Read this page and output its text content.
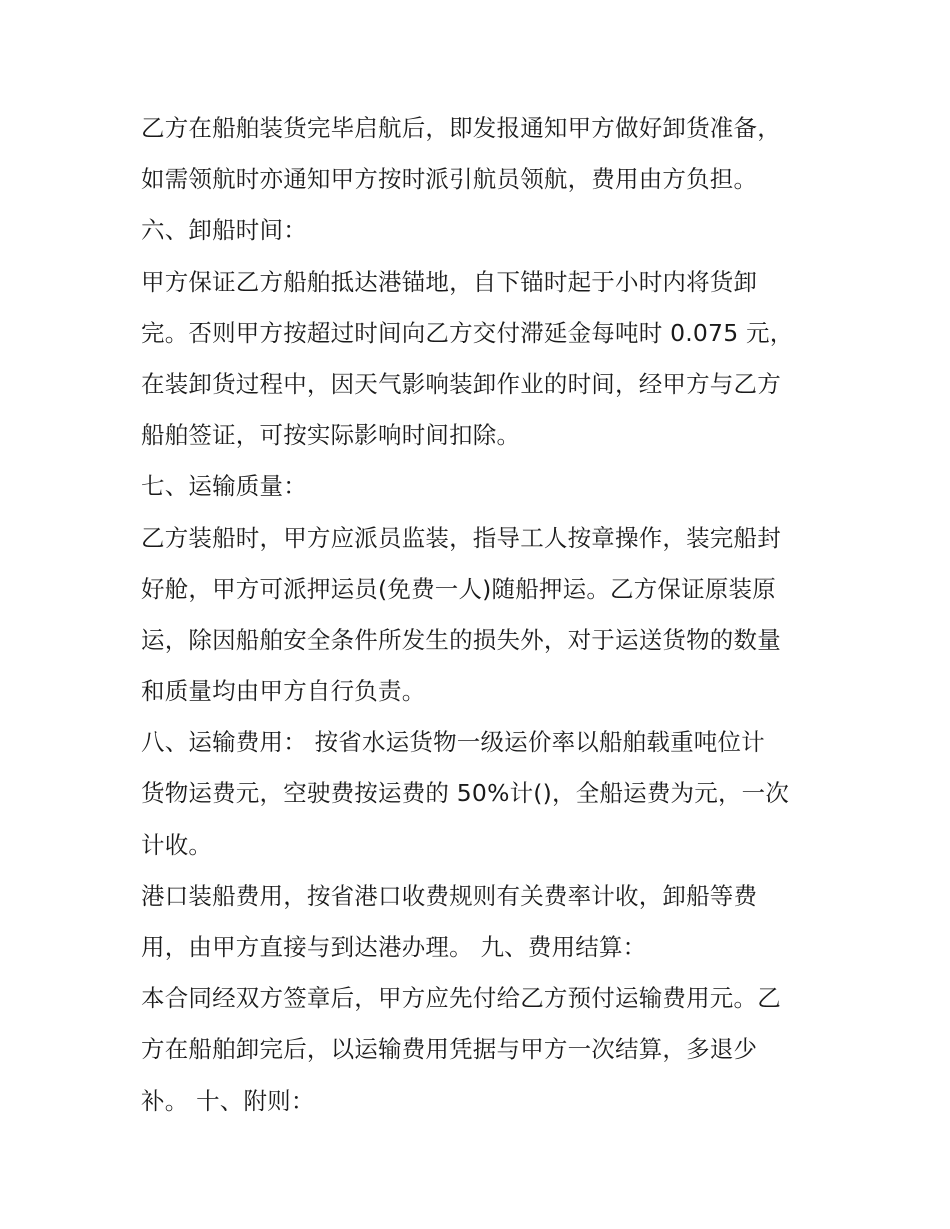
乙方在船舶装货完毕启航后，即发报通知甲方做好卸货准备，
如需领航时亦通知甲方按时派引航员领航，费用由方负担。
六、卸船时间：
甲方保证乙方船舶抵达港锚地，自下锚时起于小时内将货卸
完。否则甲方按超过时间向乙方交付滞延金每吨时 0.075 元，
在装卸货过程中，因天气影响装卸作业的时间，经甲方与乙方
船舶签证，可按实际影响时间扣除。
七、运输质量：
乙方装船时，甲方应派员监装，指导工人按章操作，装完船封
好舱，甲方可派押运员(免费一人)随船押运。乙方保证原装原
运，除因船舶安全条件所发生的损失外，对于运送货物的数量
和质量均由甲方自行负责。
八、运输费用： 按省水运货物一级运价率以船舶载重吨位计
货物运费元，空驶费按运费的 50%计()，全船运费为元，一次
计收。
港口装船费用，按省港口收费规则有关费率计收，卸船等费
用，由甲方直接与到达港办理。 九、费用结算：
本合同经双方签章后，甲方应先付给乙方预付运输费用元。乙
方在船舶卸完后，以运输费用凭据与甲方一次结算，多退少
补。 十、附则：
